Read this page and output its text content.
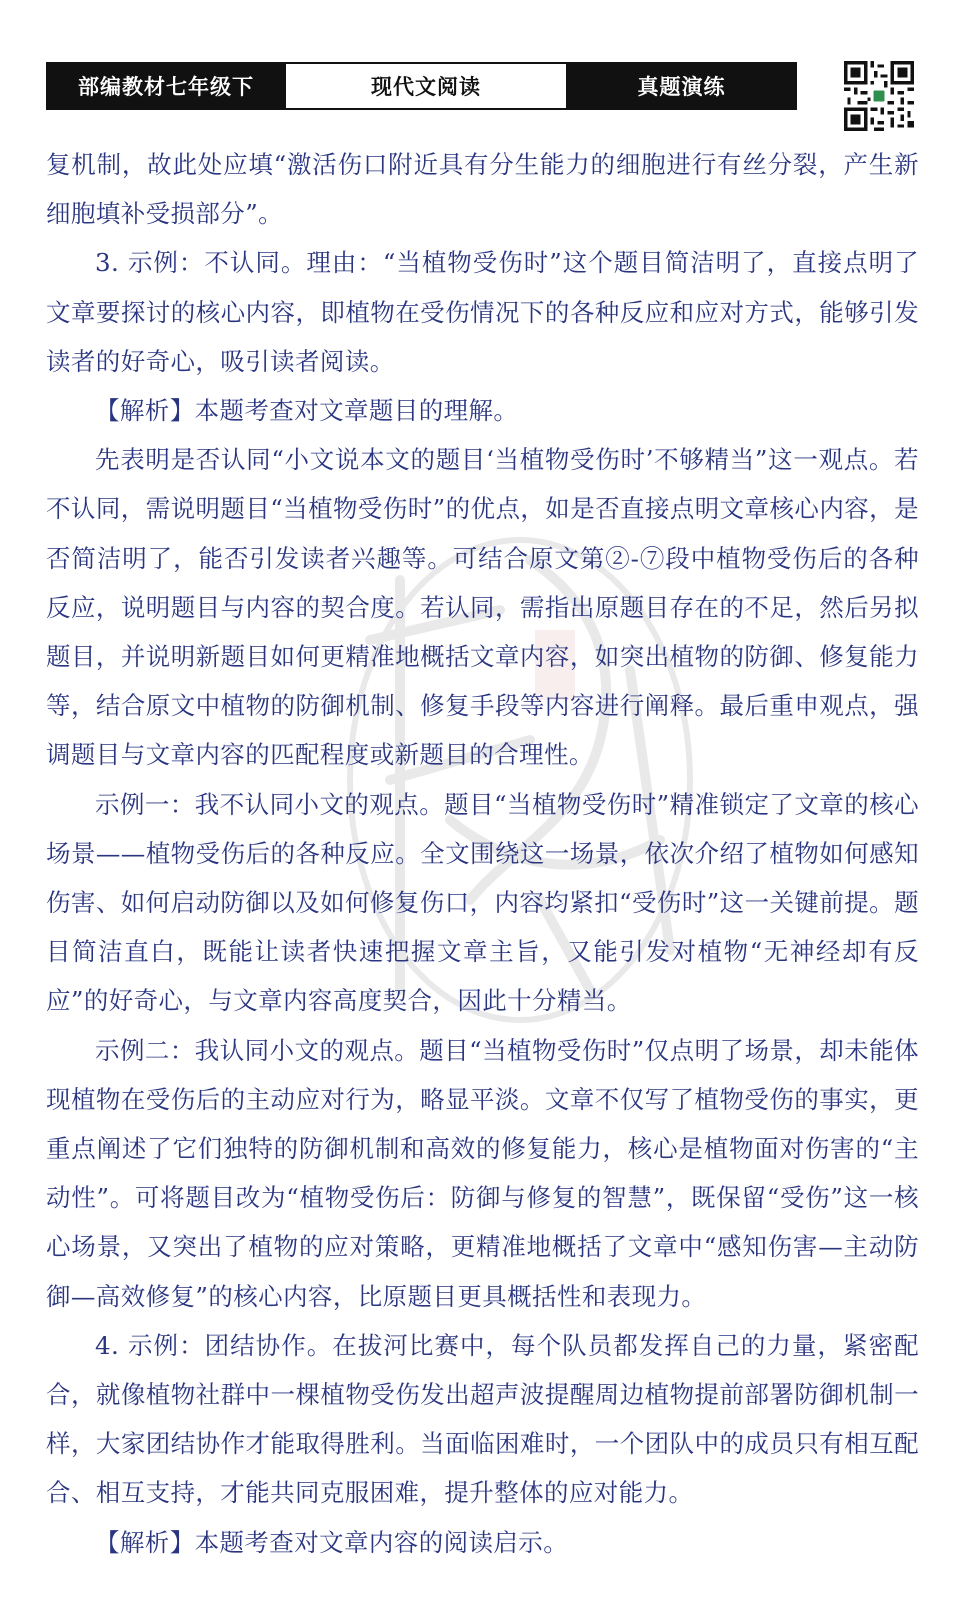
部编教材七年级下	现代文阅读	真题演练

复机制，故此处应填“激活伤口附近具有分生能力的细胞进行有丝分裂，产生新细胞填补受损部分”。

3. 示例：不认同。理由：“当植物受伤时”这个题目简洁明了，直接点明了文章要探讨的核心内容，即植物在受伤情况下的各种反应和应对方式，能够引发读者的好奇心，吸引读者阅读。

【解析】本题考查对文章题目的理解。

先表明是否认同“小文说本文的题目‘当植物受伤时’不够精当”这一观点。若不认同，需说明题目“当植物受伤时”的优点，如是否直接点明文章核心内容，是否简洁明了，能否引发读者兴趣等。可结合原文第②-⑦段中植物受伤后的各种反应，说明题目与内容的契合度。若认同，需指出原题目存在的不足，然后另拟题目，并说明新题目如何更精准地概括文章内容，如突出植物的防御、修复能力等，结合原文中植物的防御机制、修复手段等内容进行阐释。最后重申观点，强调题目与文章内容的匹配程度或新题目的合理性。

示例一：我不认同小文的观点。题目“当植物受伤时”精准锁定了文章的核心场景——植物受伤后的各种反应。全文围绕这一场景，依次介绍了植物如何感知伤害、如何启动防御以及如何修复伤口，内容均紧扣“受伤时”这一关键前提。题目简洁直白，既能让读者快速把握文章主旨，又能引发对植物“无神经却有反应”的好奇心，与文章内容高度契合，因此十分精当。

示例二：我认同小文的观点。题目“当植物受伤时”仅点明了场景，却未能体现植物在受伤后的主动应对行为，略显平淡。文章不仅写了植物受伤的事实，更重点阐述了它们独特的防御机制和高效的修复能力，核心是植物面对伤害的“主动性”。可将题目改为“植物受伤后：防御与修复的智慧”，既保留“受伤”这一核心场景，又突出了植物的应对策略，更精准地概括了文章中“感知伤害—主动防御—高效修复”的核心内容，比原题目更具概括性和表现力。

4. 示例：团结协作。在拔河比赛中，每个队员都发挥自己的力量，紧密配合，就像植物社群中一棵植物受伤发出超声波提醒周边植物提前部署防御机制一样，大家团结协作才能取得胜利。当面临困难时，一个团队中的成员只有相互配合、相互支持，才能共同克服困难，提升整体的应对能力。

【解析】本题考查对文章内容的阅读启示。
